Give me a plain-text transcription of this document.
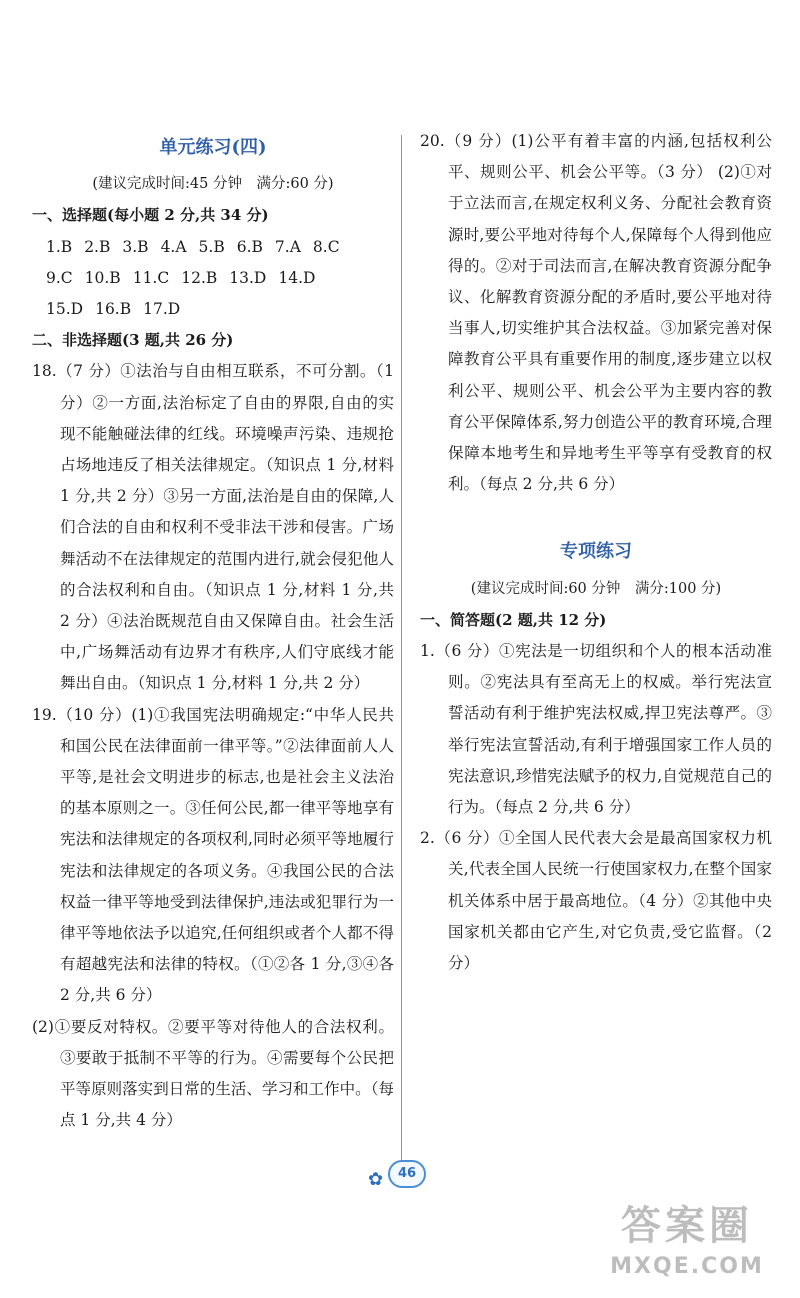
单元练习(四)
(建议完成时间:45 分钟　满分:60 分)
一、选择题(每小题 2 分,共 34 分)
1.B 2.B 3.B 4.A 5.B 6.B 7.A 8.C
9.C 10.B 11.C 12.B 13.D 14.D
15.D 16.B 17.D
二、非选择题(3 题,共 26 分)
18.（7 分）①法治与自由相互联系，不可分割。（1 分）②一方面,法治标定了自由的界限,自由的实现不能触碰法律的红线。环境噪声污染、违规抢占场地违反了相关法律规定。（知识点 1 分,材料 1 分,共 2 分）③另一方面,法治是自由的保障,人们合法的自由和权利不受非法干涉和侵害。广场舞活动不在法律规定的范围内进行,就会侵犯他人的合法权利和自由。（知识点 1 分,材料 1 分,共 2 分）④法治既规范自由又保障自由。社会生活中,广场舞活动有边界才有秩序,人们守底线才能舞出自由。（知识点 1 分,材料 1 分,共 2 分）
19.（10 分）(1)①我国宪法明确规定:“中华人民共和国公民在法律面前一律平等。”②法律面前人人平等,是社会文明进步的标志,也是社会主义法治的基本原则之一。③任何公民,都一律平等地享有宪法和法律规定的各项权利,同时必须平等地履行宪法和法律规定的各项义务。④我国公民的合法权益一律平等地受到法律保护,违法或犯罪行为一律平等地依法予以追究,任何组织或者个人都不得有超越宪法和法律的特权。（①②各 1 分,③④各 2 分,共 6 分）
(2)①要反对特权。②要平等对待他人的合法权利。③要敢于抵制不平等的行为。④需要每个公民把平等原则落实到日常的生活、学习和工作中。（每点 1 分,共 4 分）
20.（9 分）(1)公平有着丰富的内涵,包括权利公平、规则公平、机会公平等。（3 分） (2)①对于立法而言,在规定权利义务、分配社会教育资源时,要公平地对待每个人,保障每个人得到他应得的。②对于司法而言,在解决教育资源分配争议、化解教育资源分配的矛盾时,要公平地对待当事人,切实维护其合法权益。③加紧完善对保障教育公平具有重要作用的制度,逐步建立以权利公平、规则公平、机会公平为主要内容的教育公平保障体系,努力创造公平的教育环境,合理保障本地考生和异地考生平等享有受教育的权利。（每点 2 分,共 6 分）
专项练习
(建议完成时间:60 分钟　满分:100 分)
一、简答题(2 题,共 12 分)
1.（6 分）①宪法是一切组织和个人的根本活动准则。②宪法具有至高无上的权威。举行宪法宣誓活动有利于维护宪法权威,捍卫宪法尊严。③举行宪法宣誓活动,有利于增强国家工作人员的宪法意识,珍惜宪法赋予的权力,自觉规范自己的行为。（每点 2 分,共 6 分）
2.（6 分）①全国人民代表大会是最高国家权力机关,代表全国人民统一行使国家权力,在整个国家机关体系中居于最高地位。（4 分）②其他中央国家机关都由它产生,对它负责,受它监督。（2 分）
✿	46
答案圈
MXQE.COM
